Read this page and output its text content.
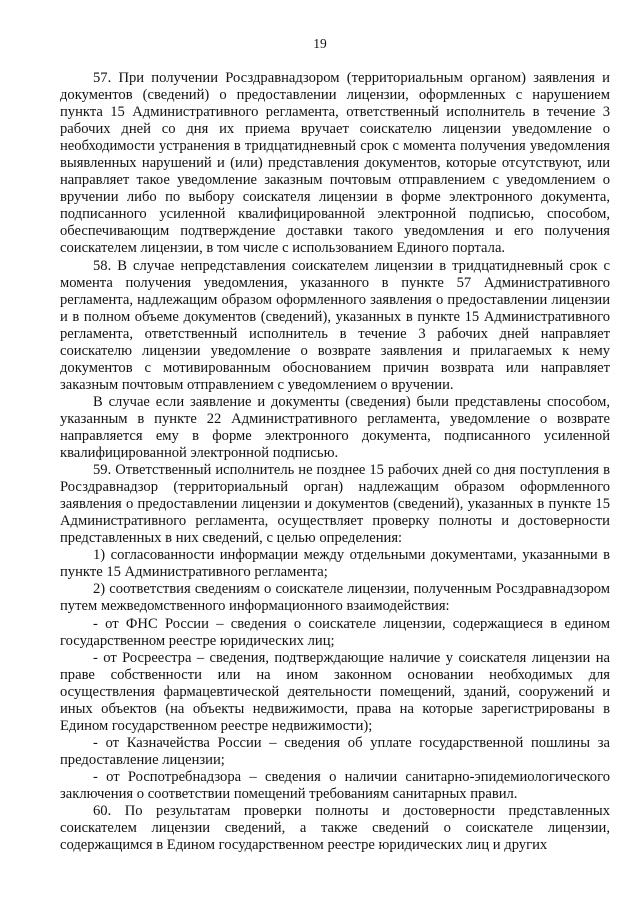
19

57. При получении Росздравнадзором (территориальным органом) заявления и документов (сведений) о предоставлении лицензии, оформленных с нарушением пункта 15 Административного регламента, ответственный исполнитель в течение 3 рабочих дней со дня их приема вручает соискателю лицензии уведомление о необходимости устранения в тридцатидневный срок с момента получения уведомления выявленных нарушений и (или) представления документов, которые отсутствуют, или направляет такое уведомление заказным почтовым отправлением с уведомлением о вручении либо по выбору соискателя лицензии в форме электронного документа, подписанного усиленной квалифицированной электронной подписью, способом, обеспечивающим подтверждение доставки такого уведомления и его получения соискателем лицензии, в том числе с использованием Единого портала.

58. В случае непредставления соискателем лицензии в тридцатидневный срок с момента получения уведомления, указанного в пункте 57 Административного регламента, надлежащим образом оформленного заявления о предоставлении лицензии и в полном объеме документов (сведений), указанных в пункте 15 Административного регламента, ответственный исполнитель в течение 3 рабочих дней направляет соискателю лицензии уведомление о возврате заявления и прилагаемых к нему документов с мотивированным обоснованием причин возврата или направляет заказным почтовым отправлением с уведомлением о вручении.

В случае если заявление и документы (сведения) были представлены способом, указанным в пункте 22 Административного регламента, уведомление о возврате направляется ему в форме электронного документа, подписанного усиленной квалифицированной электронной подписью.

59. Ответственный исполнитель не позднее 15 рабочих дней со дня поступления в Росздравнадзор (территориальный орган) надлежащим образом оформленного заявления о предоставлении лицензии и документов (сведений), указанных в пункте 15 Административного регламента, осуществляет проверку полноты и достоверности представленных в них сведений, с целью определения:

1) согласованности информации между отдельными документами, указанными в пункте 15 Административного регламента;

2) соответствия сведениям о соискателе лицензии, полученным Росздравнадзором путем межведомственного информационного взаимодействия:

- от ФНС России – сведения о соискателе лицензии, содержащиеся в едином государственном реестре юридических лиц;

- от Росреестра – сведения, подтверждающие наличие у соискателя лицензии на праве собственности или на ином законном основании необходимых для осуществления фармацевтической деятельности помещений, зданий, сооружений и иных объектов (на объекты недвижимости, права на которые зарегистрированы в Едином государственном реестре недвижимости);

- от Казначейства России – сведения об уплате государственной пошлины за предоставление лицензии;

- от Роспотребнадзора – сведения о наличии санитарно-эпидемиологического заключения о соответствии помещений требованиям санитарных правил.

60. По результатам проверки полноты и достоверности представленных соискателем лицензии сведений, а также сведений о соискателе лицензии, содержащимся в Едином государственном реестре юридических лиц и других
